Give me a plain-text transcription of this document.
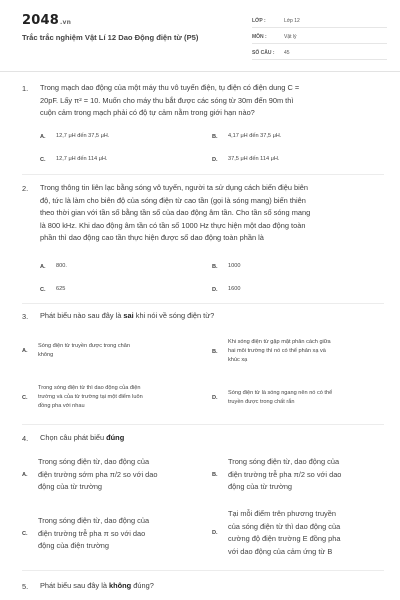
2048.vn
Trắc trắc nghiệm Vật Lí 12 Dao Động điện từ (P5)
LỚP :	Lớp 12
MÔN :	Vật lý
SỐ CÂU :	45
1. Trong mạch dao động của một máy thu vô tuyến điện, tụ điện có điện dung C =
20pF. Lấy π² = 10. Muốn cho máy thu bắt được các sóng từ 30m đến 90m thì
cuộn cảm trong mạch phải có độ tự cảm nằm trong giới hạn nào?
A.	12,7 μH đến 37,5 μH.	B.	4,17 μH đến 37,5 μH.
C.	12,7 μH đến 114 μH.	D.	37,5 μH đến 114 μH.
2. Trong thông tin liên lạc bằng sóng vô tuyến, người ta sử dụng cách biến điệu biên
độ, tức là làm cho biên độ của sóng điện từ cao tần (gọi là sóng mang) biến thiên
theo thời gian với tần số bằng tần số của dao động âm tần. Cho tần số sóng mang
là 800 kHz. Khi dao động âm tần có tần số 1000 Hz thực hiện một dao động toàn
phần thì dao động cao tần thực hiện được số dao động toàn phần là
A.	800.	B.	1000
C.	625	D.	1600
3. Phát biểu nào sau đây là sai khi nói về sóng điện từ?
A.
Sóng điện từ truyền được trong chân
không
B.
Khi sóng điện từ gặp mặt phân cách giữa
hai môi trường thì nó có thể phản xạ và
khúc xạ
C.
Trong sóng điện từ thì dao động của điện
trường và của từ trường tại một điểm luôn
đồng pha với nhau
D.
Sóng điện từ là sóng ngang nên nó có thể
truyền được trong chất rắn
4. Chọn câu phát biểu đúng
A.
Trong sóng điện từ, dao động của
điện trường sớm pha π/2 so với dao
động của từ trường
B.
Trong sóng điện từ, dao động của
điện trường trễ pha π/2 so với dao
động của từ trường
C.
Trong sóng điện từ, dao động của
điện trường trễ pha π so với dao
động của điện trường
D.
Tại mỗi điểm trên phương truyền
của sóng điện từ thì dao động của
cường độ điện trường E đồng pha
với dao động của cảm ứng từ B
5. Phát biểu sau đây là không đúng?
